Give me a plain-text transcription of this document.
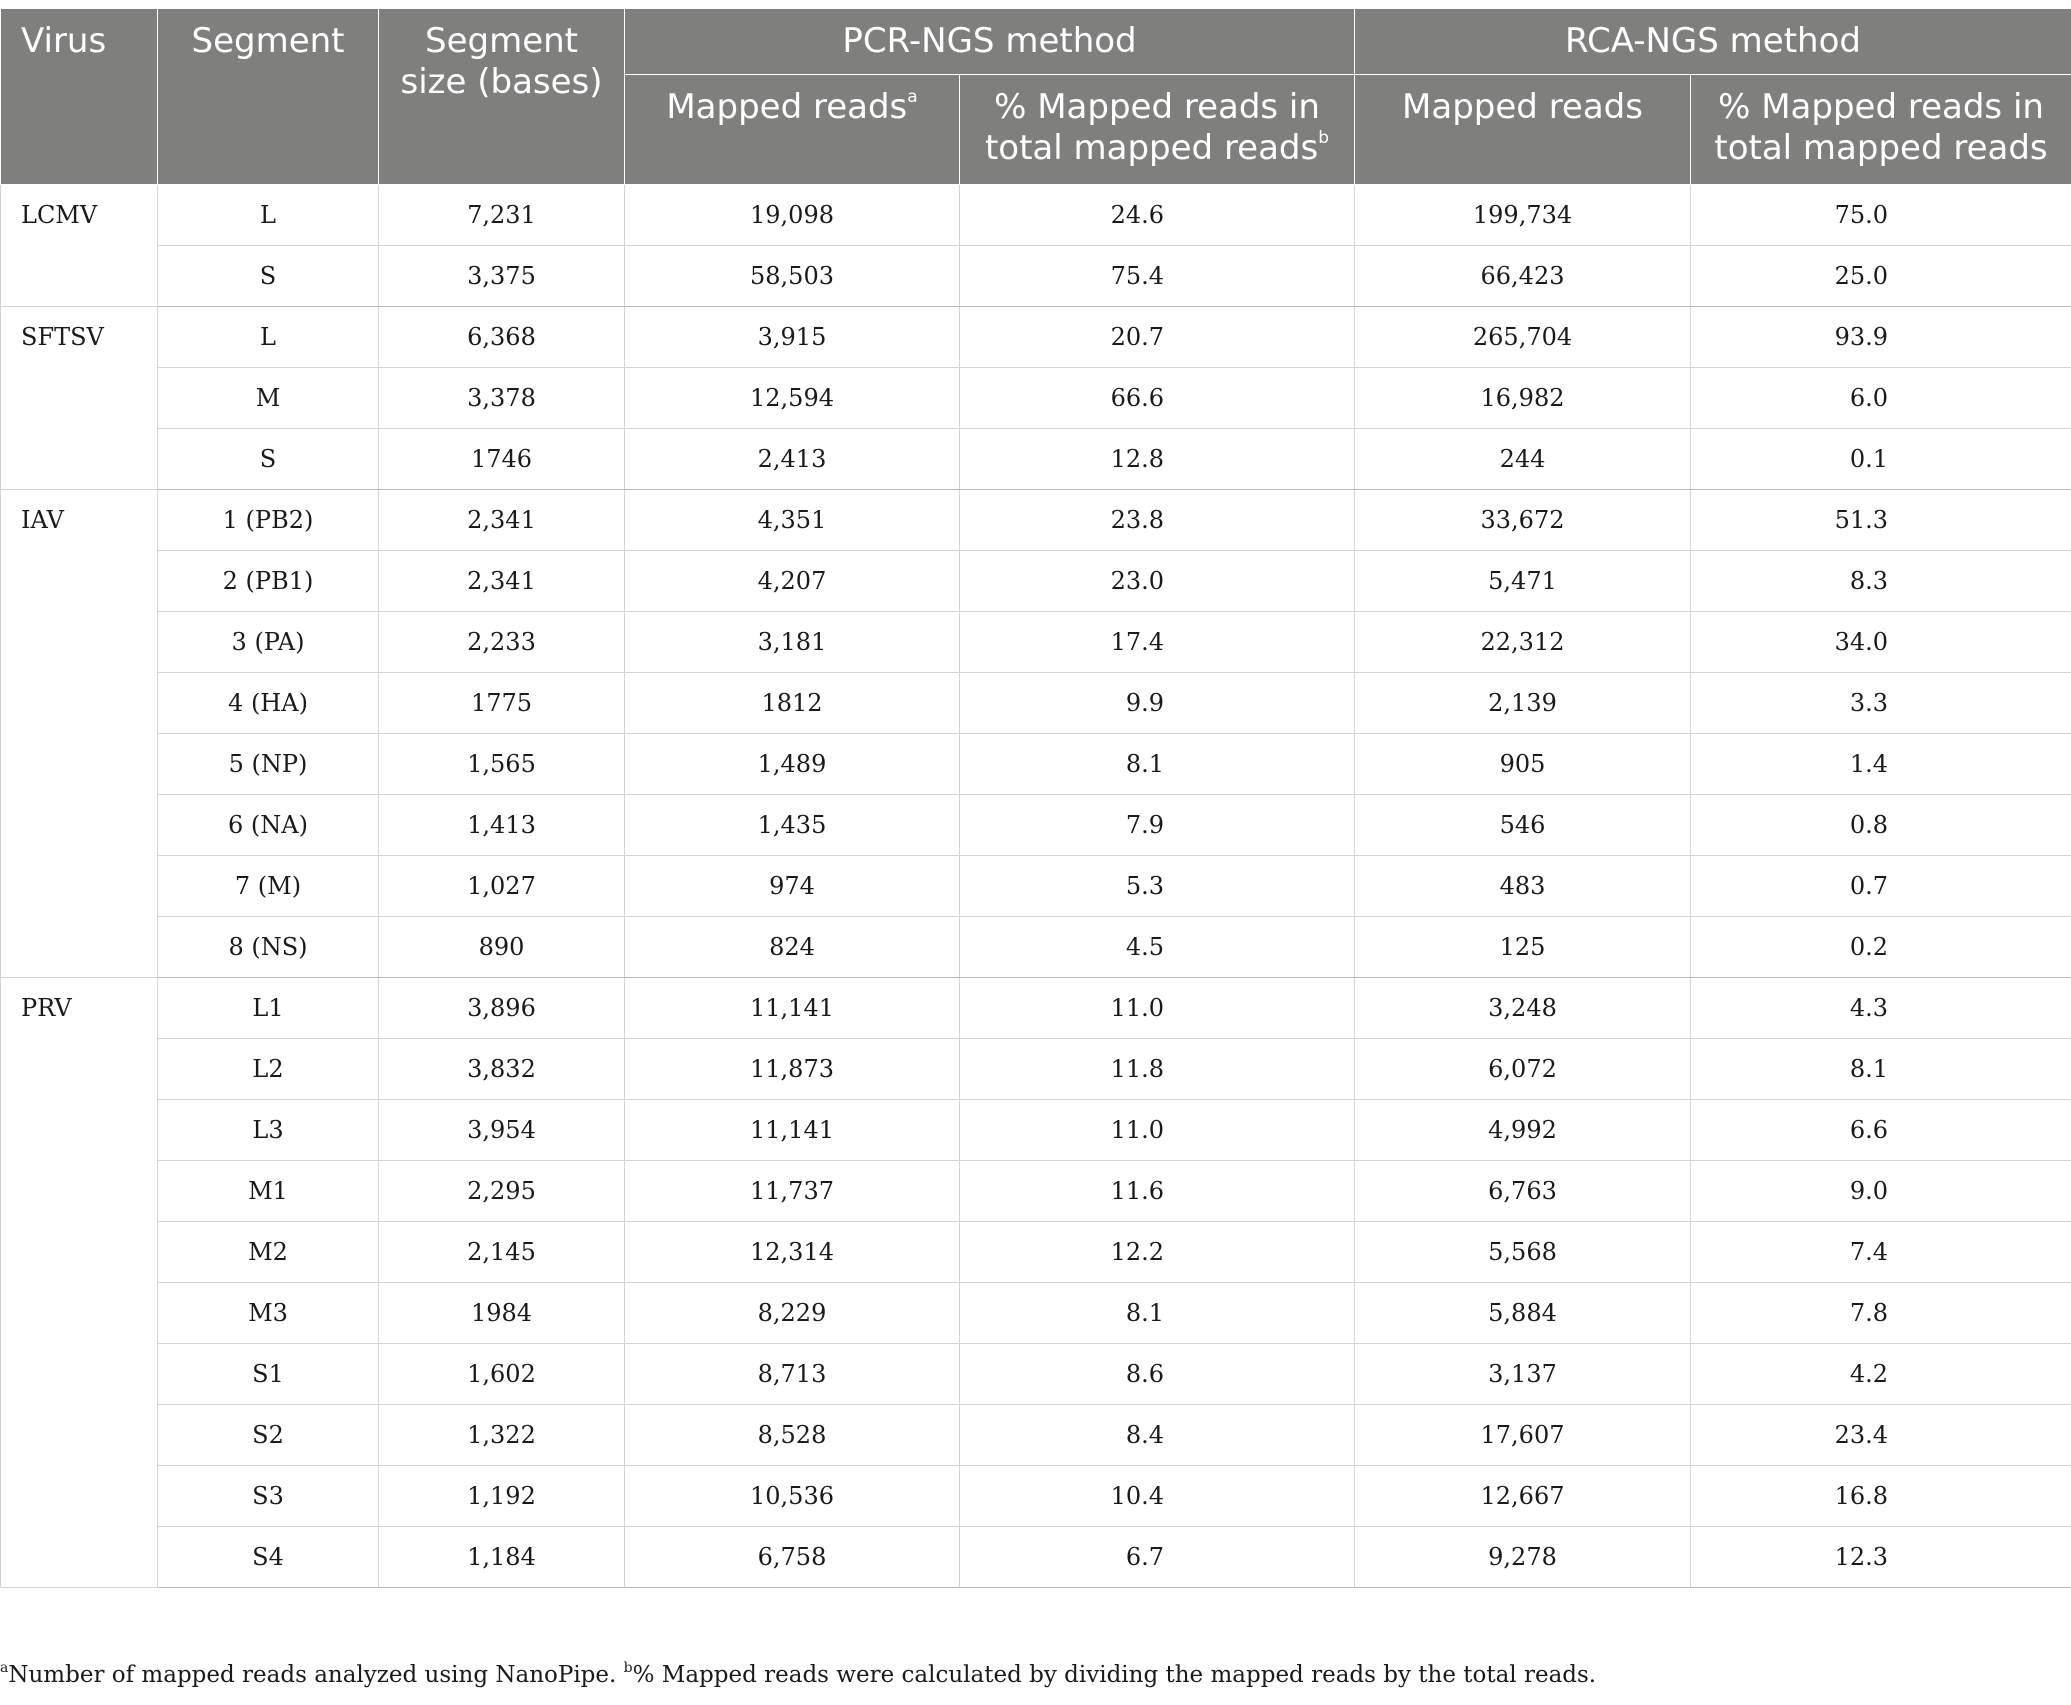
Virus	Segment	Segment size (bases)	PCR-NGS method		RCA-NGS method	
			Mapped reads$^a$	% Mapped reads in total mapped reads$^b$	Mapped reads	% Mapped reads in total mapped reads
LCMV	L	7,231	19,098	24.6	199,734	75.0
	S	3,375	58,503	75.4	66,423	25.0
SFTSV	L	6,368	3,915	20.7	265,704	93.9
	M	3,378	12,594	66.6	16,982	6.0
	S	1746	2,413	12.8	244	0.1
IAV	1 (PB2)	2,341	4,351	23.8	33,672	51.3
	2 (PB1)	2,341	4,207	23.0	5,471	8.3
	3 (PA)	2,233	3,181	17.4	22,312	34.0
	4 (HA)	1775	1812	9.9	2,139	3.3
	5 (NP)	1,565	1,489	8.1	905	1.4
	6 (NA)	1,413	1,435	7.9	546	0.8
	7 (M)	1,027	974	5.3	483	0.7
	8 (NS)	890	824	4.5	125	0.2
PRV	L1	3,896	11,141	11.0	3,248	4.3
	L2	3,832	11,873	11.8	6,072	8.1
	L3	3,954	11,141	11.0	4,992	6.6
	M1	2,295	11,737	11.6	6,763	9.0
	M2	2,145	12,314	12.2	5,568	7.4
	M3	1984	8,229	8.1	5,884	7.8
	S1	1,602	8,713	8.6	3,137	4.2
	S2	1,322	8,528	8.4	17,607	23.4
	S3	1,192	10,536	10.4	12,667	16.8
	S4	1,184	6,758	6.7	9,278	12.3
$^a$Number of mapped reads analyzed using NanoPipe. $^b$% Mapped reads were calculated by dividing the mapped reads by the total reads.
